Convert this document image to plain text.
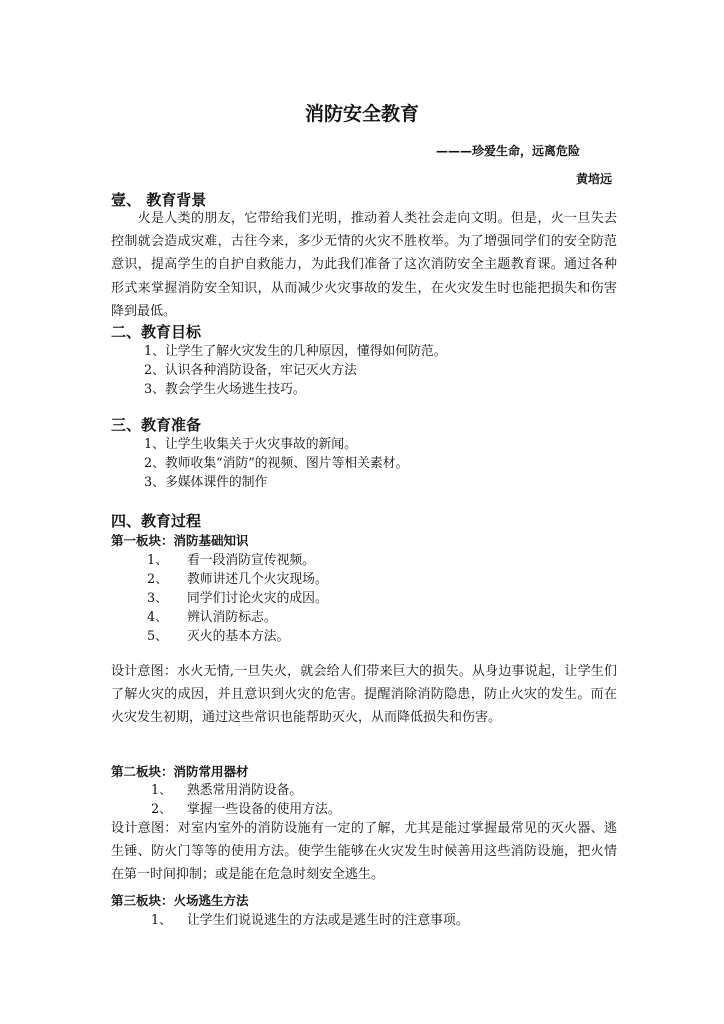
消防安全教育
———珍爱生命，远离危险
黄培远
壹、 教育背景
　　火是人类的朋友，它带给我们光明，推动着人类社会走向文明。但是，火一旦失去控制就会造成灾难，古往今来，多少无情的火灾不胜枚举。为了增强同学们的安全防范意识，提高学生的自护自救能力，为此我们准备了这次消防安全主题教育课。通过各种形式来掌握消防安全知识，从而减少火灾事故的发生，在火灾发生时也能把损失和伤害降到最低。
二、教育目标
1、让学生了解火灾发生的几种原因，懂得如何防范。
2、认识各种消防设备，牢记灭火方法
3、教会学生火场逃生技巧。
三、教育准备
1、让学生收集关于火灾事故的新闻。
2、教师收集“消防”的视频、图片等相关素材。
3、多媒体课件的制作
四、教育过程
第一板块：消防基础知识
1、 看一段消防宣传视频。
2、 教师讲述几个火灾现场。
3、 同学们讨论火灾的成因。
4、 辨认消防标志。
5、 灭火的基本方法。
设计意图：水火无情,一旦失火，就会给人们带来巨大的损失。从身边事说起，让学生们了解火灾的成因，并且意识到火灾的危害。提醒消除消防隐患，防止火灾的发生。而在火灾发生初期，通过这些常识也能帮助灭火，从而降低损失和伤害。
第二板块：消防常用器材
1、 熟悉常用消防设备。
2、 掌握一些设备的使用方法。
设计意图：对室内室外的消防设施有一定的了解，尤其是能过掌握最常见的灭火器、逃生锤、防火门等等的使用方法。使学生能够在火灾发生时候善用这些消防设施，把火情在第一时间抑制；或是能在危急时刻安全逃生。
第三板块：火场逃生方法
1、 让学生们说说逃生的方法或是逃生时的注意事项。
